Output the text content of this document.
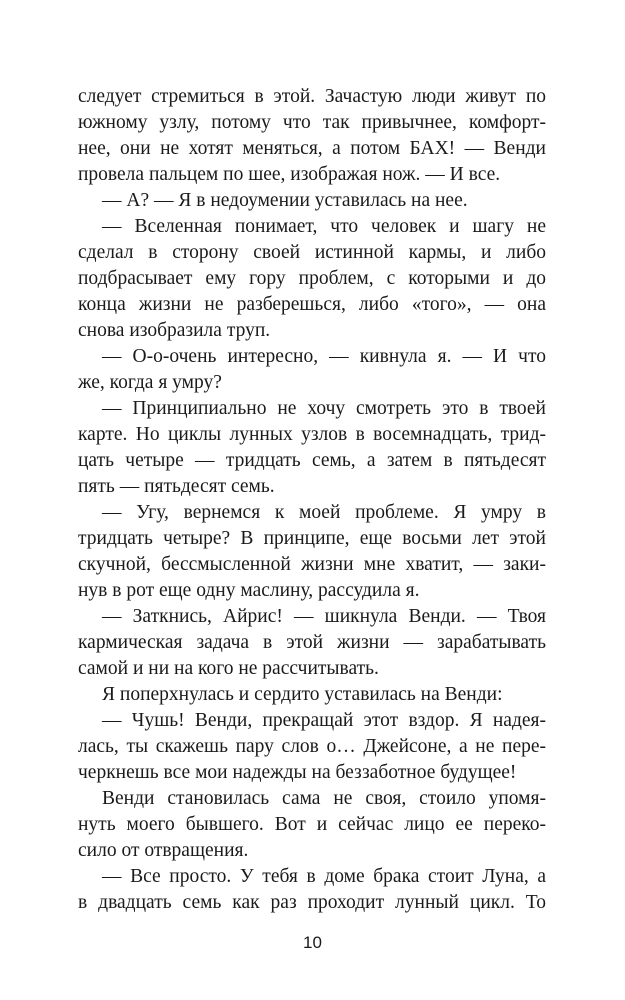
следует стремиться в этой. Зачастую люди живут по
южному узлу, потому что так привычнее, комфорт-
нее, они не хотят меняться, а потом БАХ! — Венди
провела пальцем по шее, изображая нож. — И все.
— А? — Я в недоумении уставилась на нее.
— Вселенная понимает, что человек и шагу не
сделал в сторону своей истинной кармы, и либо
подбрасывает ему гору проблем, с которыми и до
конца жизни не разберешься, либо «того», — она
снова изобразила труп.
— О-о-очень интересно, — кивнула я. — И что
же, когда я умру?
— Принципиально не хочу смотреть это в твоей
карте. Но циклы лунных узлов в восемнадцать, трид-
цать четыре — тридцать семь, а затем в пятьдесят
пять — пятьдесят семь.
— Угу, вернемся к моей проблеме. Я умру в
тридцать четыре? В принципе, еще восьми лет этой
скучной, бессмысленной жизни мне хватит, — заки-
нув в рот еще одну маслину, рассудила я.
— Заткнись, Айрис! — шикнула Венди. — Твоя
кармическая задача в этой жизни — зарабатывать
самой и ни на кого не рассчитывать.
Я поперхнулась и сердито уставилась на Венди:
— Чушь! Венди, прекращай этот вздор. Я надея-
лась, ты скажешь пару слов о… Джейсоне, а не пере-
черкнешь все мои надежды на беззаботное будущее!
Венди становилась сама не своя, стоило упомя-
нуть моего бывшего. Вот и сейчас лицо ее переко-
сило от отвращения.
— Все просто. У тебя в доме брака стоит Луна, а
в двадцать семь как раз проходит лунный цикл. То
10
